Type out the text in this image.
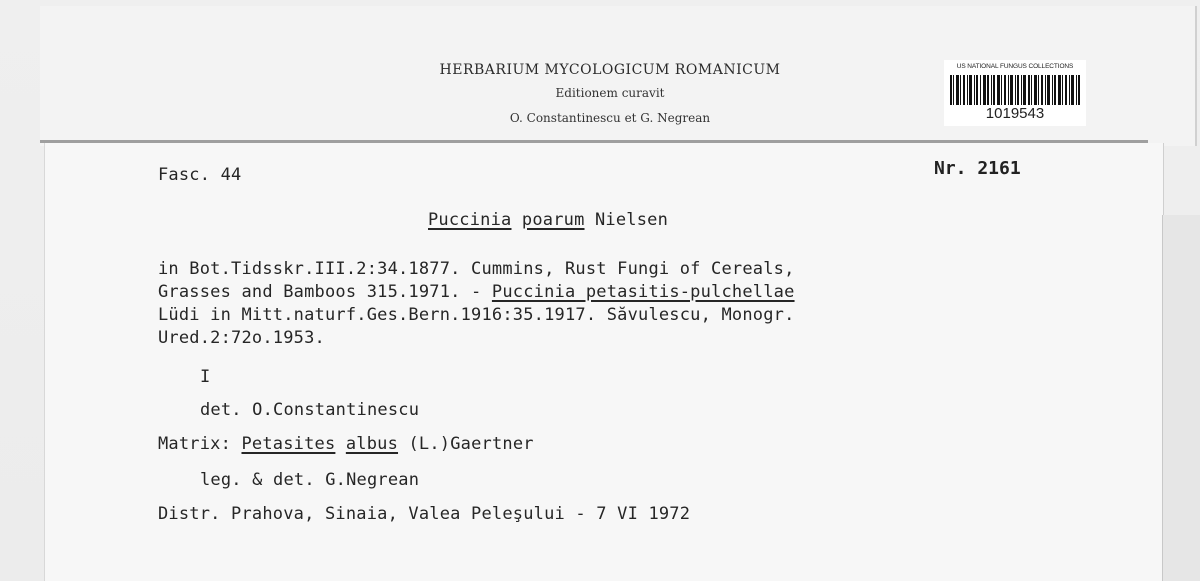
HERBARIUM MYCOLOGICUM ROMANICUM
Editionem curavit
O. Constantinescu et G. Negrean
US NATIONAL FUNGUS COLLECTIONS
1019543
Fasc. 44	Nr. 2161
Puccinia poarum Nielsen
in Bot.Tidsskr.III.2:34.1877. Cummins, Rust Fungi of Cereals,
Grasses and Bamboos 315.1971. - Puccinia petasitis-pulchellae
Lüdi in Mitt.naturf.Ges.Bern.1916:35.1917. Săvulescu, Monogr.
Ured.2:72o.1953.
I
det. O.Constantinescu
Matrix: Petasites albus (L.)Gaertner
leg. & det. G.Negrean
Distr. Prahova, Sinaia, Valea Peleşului - 7 VI 1972
